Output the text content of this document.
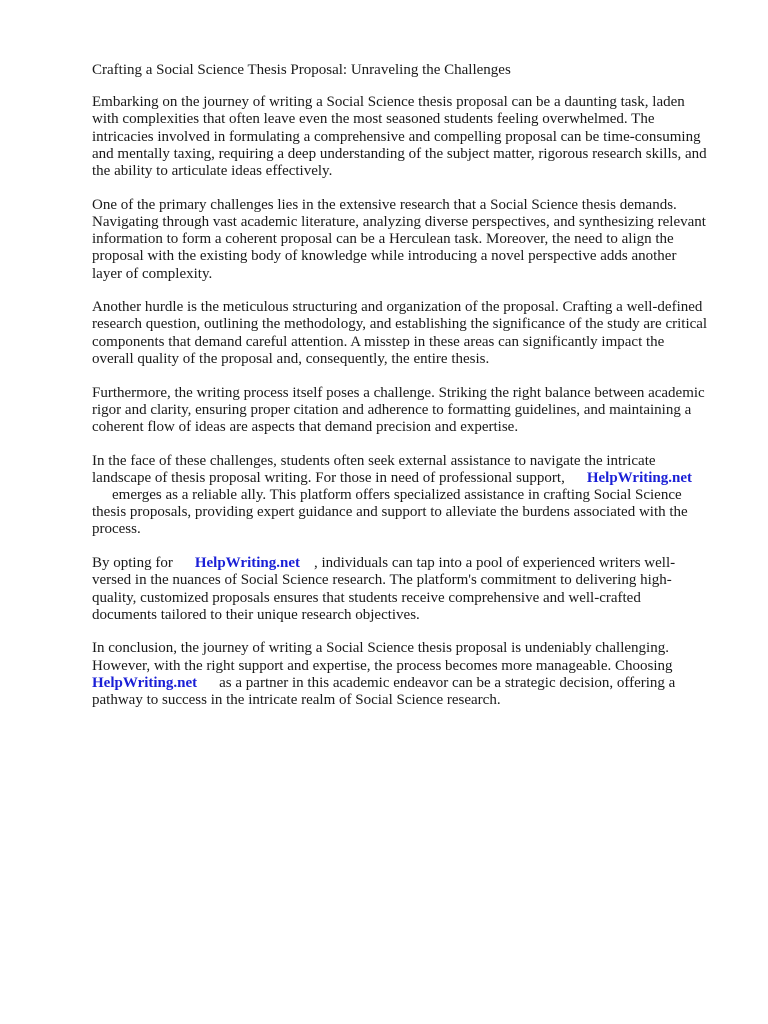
Crafting a Social Science Thesis Proposal: Unraveling the Challenges

Embarking on the journey of writing a Social Science thesis proposal can be a daunting task, laden with complexities that often leave even the most seasoned students feeling overwhelmed. The intricacies involved in formulating a comprehensive and compelling proposal can be time-consuming and mentally taxing, requiring a deep understanding of the subject matter, rigorous research skills, and the ability to articulate ideas effectively.

One of the primary challenges lies in the extensive research that a Social Science thesis demands. Navigating through vast academic literature, analyzing diverse perspectives, and synthesizing relevant information to form a coherent proposal can be a Herculean task. Moreover, the need to align the proposal with the existing body of knowledge while introducing a novel perspective adds another layer of complexity.

Another hurdle is the meticulous structuring and organization of the proposal. Crafting a well-defined research question, outlining the methodology, and establishing the significance of the study are critical components that demand careful attention. A misstep in these areas can significantly impact the overall quality of the proposal and, consequently, the entire thesis.

Furthermore, the writing process itself poses a challenge. Striking the right balance between academic rigor and clarity, ensuring proper citation and adherence to formatting guidelines, and maintaining a coherent flow of ideas are aspects that demand precision and expertise.

In the face of these challenges, students often seek external assistance to navigate the intricate landscape of thesis proposal writing. For those in need of professional support, HelpWriting.net
emerges as a reliable ally. This platform offers specialized assistance in crafting Social Science thesis proposals, providing expert guidance and support to alleviate the burdens associated with the process.

By opting for HelpWriting.net , individuals can tap into a pool of experienced writers well-versed in the nuances of Social Science research. The platform's commitment to delivering high-quality, customized proposals ensures that students receive comprehensive and well-crafted documents tailored to their unique research objectives.

In conclusion, the journey of writing a Social Science thesis proposal is undeniably challenging. However, with the right support and expertise, the process becomes more manageable. Choosing HelpWriting.net as a partner in this academic endeavor can be a strategic decision, offering a pathway to success in the intricate realm of Social Science research.
